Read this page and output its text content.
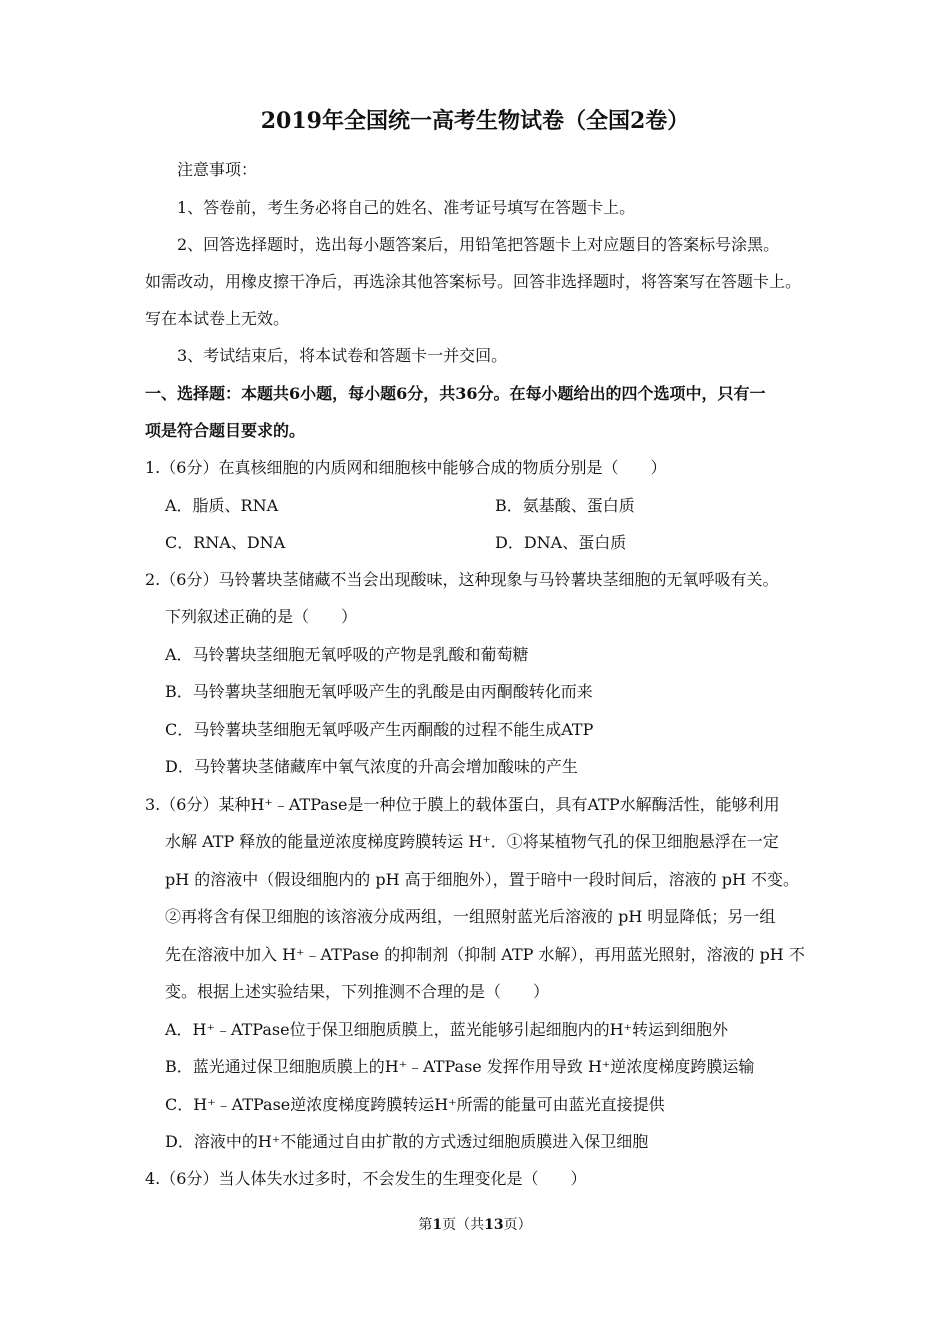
2019年全国统一高考生物试卷（全国2卷）
注意事项：
1、答卷前，考生务必将自己的姓名、准考证号填写在答题卡上。
2、回答选择题时，选出每小题答案后，用铅笔把答题卡上对应题目的答案标号涂黑。
如需改动，用橡皮擦干净后，再选涂其他答案标号。回答非选择题时，将答案写在答题卡上。
写在本试卷上无效。
3、考试结束后，将本试卷和答题卡一并交回。
一、选择题：本题共6小题，每小题6分，共36分。在每小题给出的四个选项中，只有一
项是符合题目要求的。
1.（6分）在真核细胞的内质网和细胞核中能够合成的物质分别是（　　）
A．脂质、RNA	B．氨基酸、蛋白质
C．RNA、DNA	D．DNA、蛋白质
2.（6分）马铃薯块茎储藏不当会出现酸味，这种现象与马铃薯块茎细胞的无氧呼吸有关。
下列叙述正确的是（　　）
A．马铃薯块茎细胞无氧呼吸的产物是乳酸和葡萄糖
B．马铃薯块茎细胞无氧呼吸产生的乳酸是由丙酮酸转化而来
C．马铃薯块茎细胞无氧呼吸产生丙酮酸的过程不能生成ATP
D．马铃薯块茎储藏库中氧气浓度的升高会增加酸味的产生
3.（6分）某种H⁺﹣ATPase是一种位于膜上的载体蛋白，具有ATP水解酶活性，能够利用
水解 ATP 释放的能量逆浓度梯度跨膜转运 H⁺．①将某植物气孔的保卫细胞悬浮在一定
pH 的溶液中（假设细胞内的 pH 高于细胞外），置于暗中一段时间后，溶液的 pH 不变。
②再将含有保卫细胞的该溶液分成两组，一组照射蓝光后溶液的 pH 明显降低；另一组
先在溶液中加入 H⁺﹣ATPase 的抑制剂（抑制 ATP 水解），再用蓝光照射，溶液的 pH 不
变。根据上述实验结果，下列推测不合理的是（　　）
A．H⁺﹣ATPase位于保卫细胞质膜上，蓝光能够引起细胞内的H⁺转运到细胞外
B．蓝光通过保卫细胞质膜上的H⁺﹣ATPase 发挥作用导致 H⁺逆浓度梯度跨膜运输
C．H⁺﹣ATPase逆浓度梯度跨膜转运H⁺所需的能量可由蓝光直接提供
D．溶液中的H⁺不能通过自由扩散的方式透过细胞质膜进入保卫细胞
4.（6分）当人体失水过多时，不会发生的生理变化是（　　）
第1页（共13页）
